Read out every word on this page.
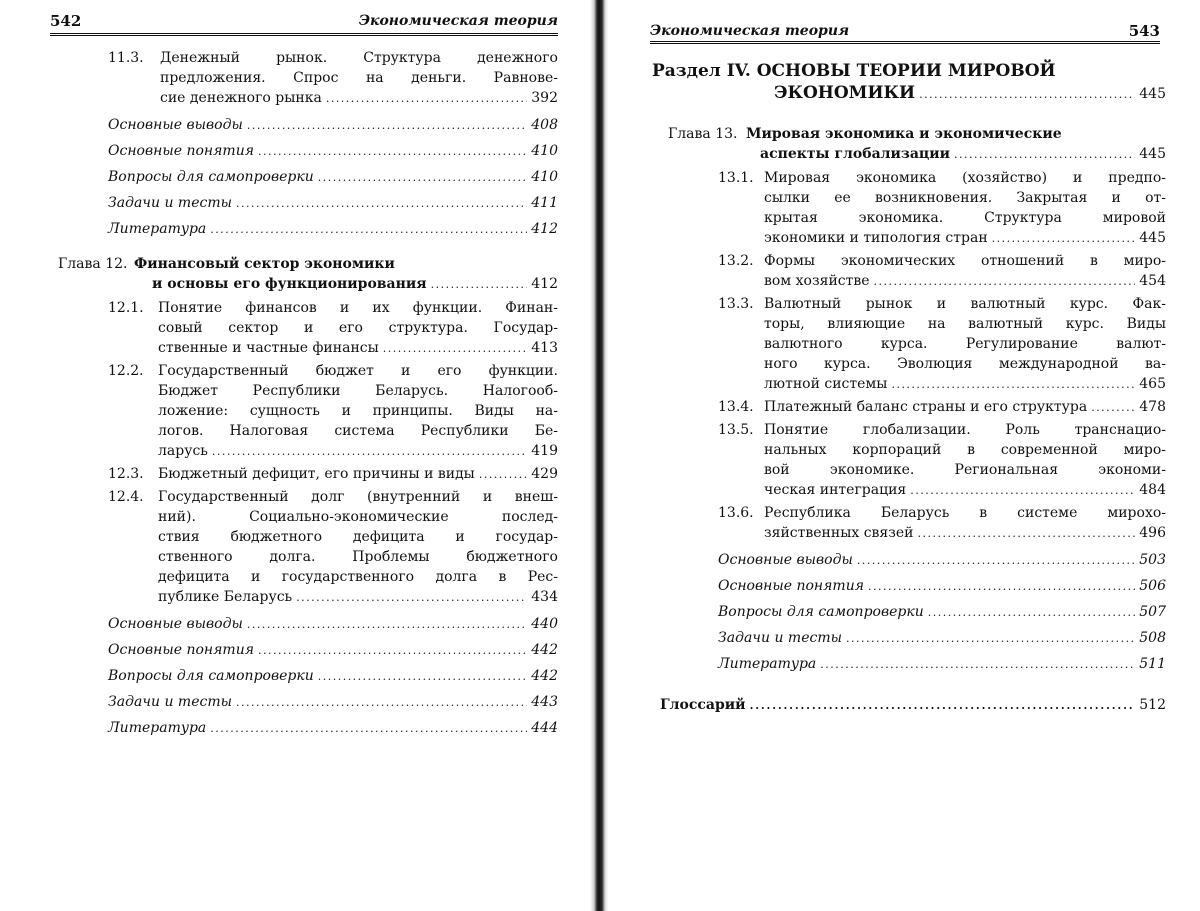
542	Экономическая теория
11.3. Денежный рынок. Структура денежного
предложения. Спрос на деньги. Равнове-
сие денежного рынка . . .	392
Основные выводы . . .	408
Основные понятия . . .	410
Вопросы для самопроверки . . .	410
Задачи и тесты . . .	411
Литература . . .	412
Глава 12. Финансовый сектор экономики
и основы его функционирования . . .	412
12.1. Понятие финансов и их функции. Финан-
совый сектор и его структура. Государ-
ственные и частные финансы . . .	413
12.2. Государственный бюджет и его функции.
Бюджет Республики Беларусь. Налогооб-
ложение: сущность и принципы. Виды на-
логов. Налоговая система Республики Бе-
ларусь . . .	419
12.3. Бюджетный дефицит, его причины и виды . . .	429
12.4. Государственный долг (внутренний и внеш-
ний). Социально-экономические послед-
ствия бюджетного дефицита и государ-
ственного долга. Проблемы бюджетного
дефицита и государственного долга в Рес-
публике Беларусь . . .	434
Основные выводы . . .	440
Основные понятия . . .	442
Вопросы для самопроверки . . .	442
Задачи и тесты . . .	443
Литература . . .	444
Экономическая теория	543
Раздел IV. ОСНОВЫ ТЕОРИИ МИРОВОЙ
ЭКОНОМИКИ . . .	445
Глава 13. Мировая экономика и экономические
аспекты глобализации . . .	445
13.1. Мировая экономика (хозяйство) и предпо-
сылки ее возникновения. Закрытая и от-
крытая экономика. Структура мировой
экономики и типология стран . . .	445
13.2. Формы экономических отношений в миро-
вом хозяйстве . . .	454
13.3. Валютный рынок и валютный курс. Фак-
торы, влияющие на валютный курс. Виды
валютного курса. Регулирование валют-
ного курса. Эволюция международной ва-
лютной системы . . .	465
13.4. Платежный баланс страны и его структура . . .	478
13.5. Понятие глобализации. Роль транснацио-
нальных корпораций в современной миро-
вой экономике. Региональная экономи-
ческая интеграция . . .	484
13.6. Республика Беларусь в системе мирохо-
зяйственных связей . . .	496
Основные выводы . . .	503
Основные понятия . . .	506
Вопросы для самопроверки . . .	507
Задачи и тесты . . .	508
Литература . . .	511
Глоссарий . . .	512
